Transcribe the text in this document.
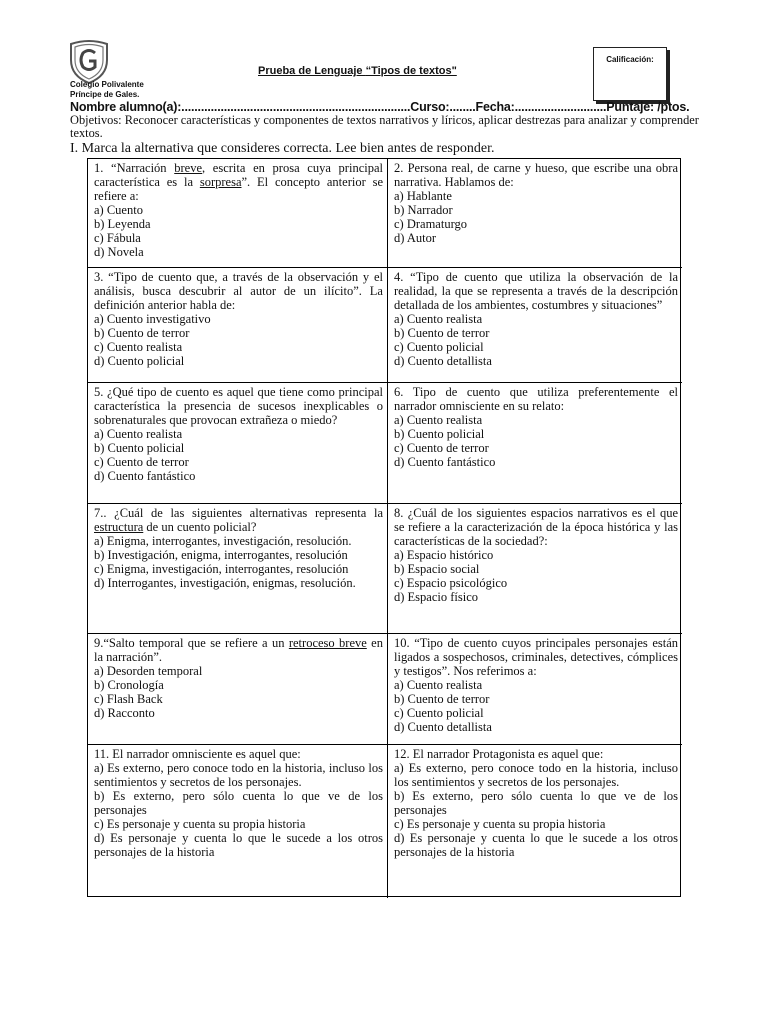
Colegio Polivalente
Príncipe de Gales.
Calificación:
Prueba de Lenguaje “Tipos de textos"
Nombre alumno(a):......................................................................Curso:........Fecha:............................Puntaje: /ptos.
Objetivos: Reconocer características y componentes de textos narrativos y líricos, aplicar destrezas para analizar y comprender textos.
I. Marca la alternativa que consideres correcta. Lee bien antes de responder.
1. “Narración breve, escrita en prosa cuya principal característica es la sorpresa”. El concepto anterior se refiere a:
a) Cuento
b) Leyenda
c) Fábula
d) Novela
2. Persona real, de carne y hueso, que escribe una obra narrativa. Hablamos de:
a) Hablante
b) Narrador
c) Dramaturgo
d) Autor
3. “Tipo de cuento que, a través de la observación y el análisis, busca descubrir al autor de un ilícito”. La definición anterior habla de:
a) Cuento investigativo
b) Cuento de terror
c) Cuento realista
d) Cuento policial
4. “Tipo de cuento que utiliza la observación de la realidad, la que se representa a través de la descripción detallada de los ambientes, costumbres y situaciones”
a) Cuento realista
b) Cuento de terror
c) Cuento policial
d) Cuento detallista
5. ¿Qué tipo de cuento es aquel que tiene como principal característica la presencia de sucesos inexplicables o sobrenaturales que provocan extrañeza o miedo?
a) Cuento realista
b) Cuento policial
c) Cuento de terror
d) Cuento fantástico
6. Tipo de cuento que utiliza preferentemente el narrador omnisciente en su relato:
a) Cuento realista
b) Cuento policial
c) Cuento de terror
d) Cuento fantástico
7.. ¿Cuál de las siguientes alternativas representa la estructura de un cuento policial?
a) Enigma, interrogantes, investigación, resolución.
b) Investigación, enigma, interrogantes, resolución
c) Enigma, investigación, interrogantes, resolución
d) Interrogantes, investigación, enigmas, resolución.
8. ¿Cuál de los siguientes espacios narrativos es el que se refiere a la caracterización de la época histórica y las características de la sociedad?:
a) Espacio histórico
b) Espacio social
c) Espacio psicológico
d) Espacio físico
9.“Salto temporal que se refiere a un retroceso breve en la narración”.
a) Desorden temporal
b) Cronología
c) Flash Back
d) Racconto
10. “Tipo de cuento cuyos principales personajes están ligados a sospechosos, criminales, detectives, cómplices y testigos”. Nos referimos a:
a) Cuento realista
b) Cuento de terror
c) Cuento policial
d) Cuento detallista
11. El narrador omnisciente es aquel que:
a) Es externo, pero conoce todo en la historia, incluso los sentimientos y secretos de los personajes.
b) Es externo, pero sólo cuenta lo que ve de los personajes
c) Es personaje y cuenta su propia historia
d) Es personaje y cuenta lo que le sucede a los otros personajes de la historia
12. El narrador Protagonista es aquel que:
a) Es externo, pero conoce todo en la historia, incluso los sentimientos y secretos de los personajes.
b) Es externo, pero sólo cuenta lo que ve de los personajes
c) Es personaje y cuenta su propia historia
d) Es personaje y cuenta lo que le sucede a los otros personajes de la historia
